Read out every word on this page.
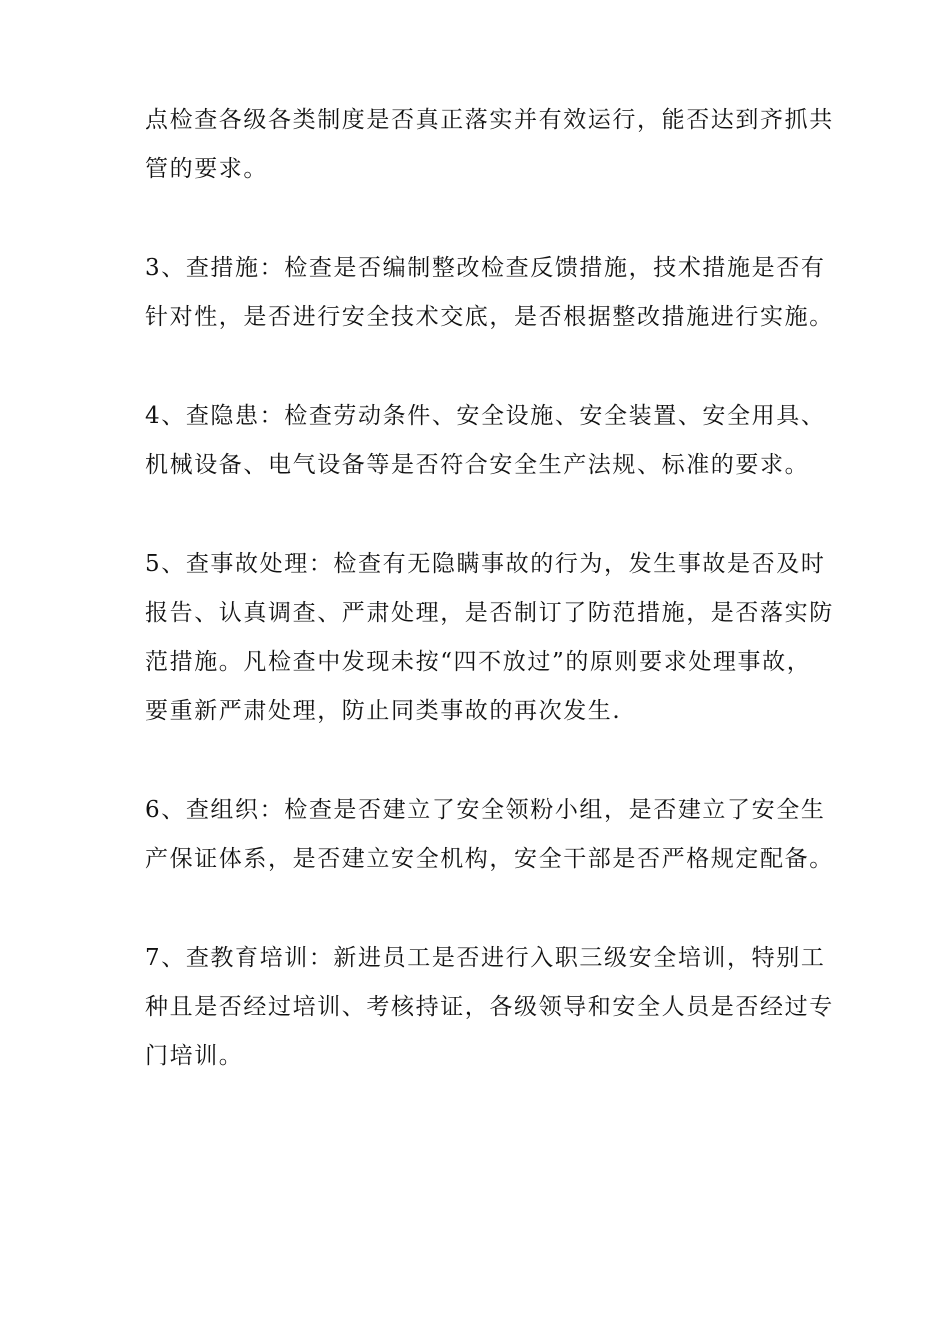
点检查各级各类制度是否真正落实并有效运行，能否达到齐抓共
管的要求。

3、查措施：检查是否编制整改检查反馈措施，技术措施是否有
针对性，是否进行安全技术交底，是否根据整改措施进行实施。

4、查隐患：检查劳动条件、安全设施、安全装置、安全用具、
机械设备、电气设备等是否符合安全生产法规、标准的要求。

5、查事故处理：检查有无隐瞒事故的行为，发生事故是否及时
报告、认真调查、严肃处理，是否制订了防范措施，是否落实防
范措施。凡检查中发现未按“四不放过”的原则要求处理事故，
要重新严肃处理，防止同类事故的再次发生.

6、查组织：检查是否建立了安全领粉小组，是否建立了安全生
产保证体系，是否建立安全机构，安全干部是否严格规定配备。

7、查教育培训：新进员工是否进行入职三级安全培训，特别工
种且是否经过培训、考核持证，各级领导和安全人员是否经过专
门培训。
